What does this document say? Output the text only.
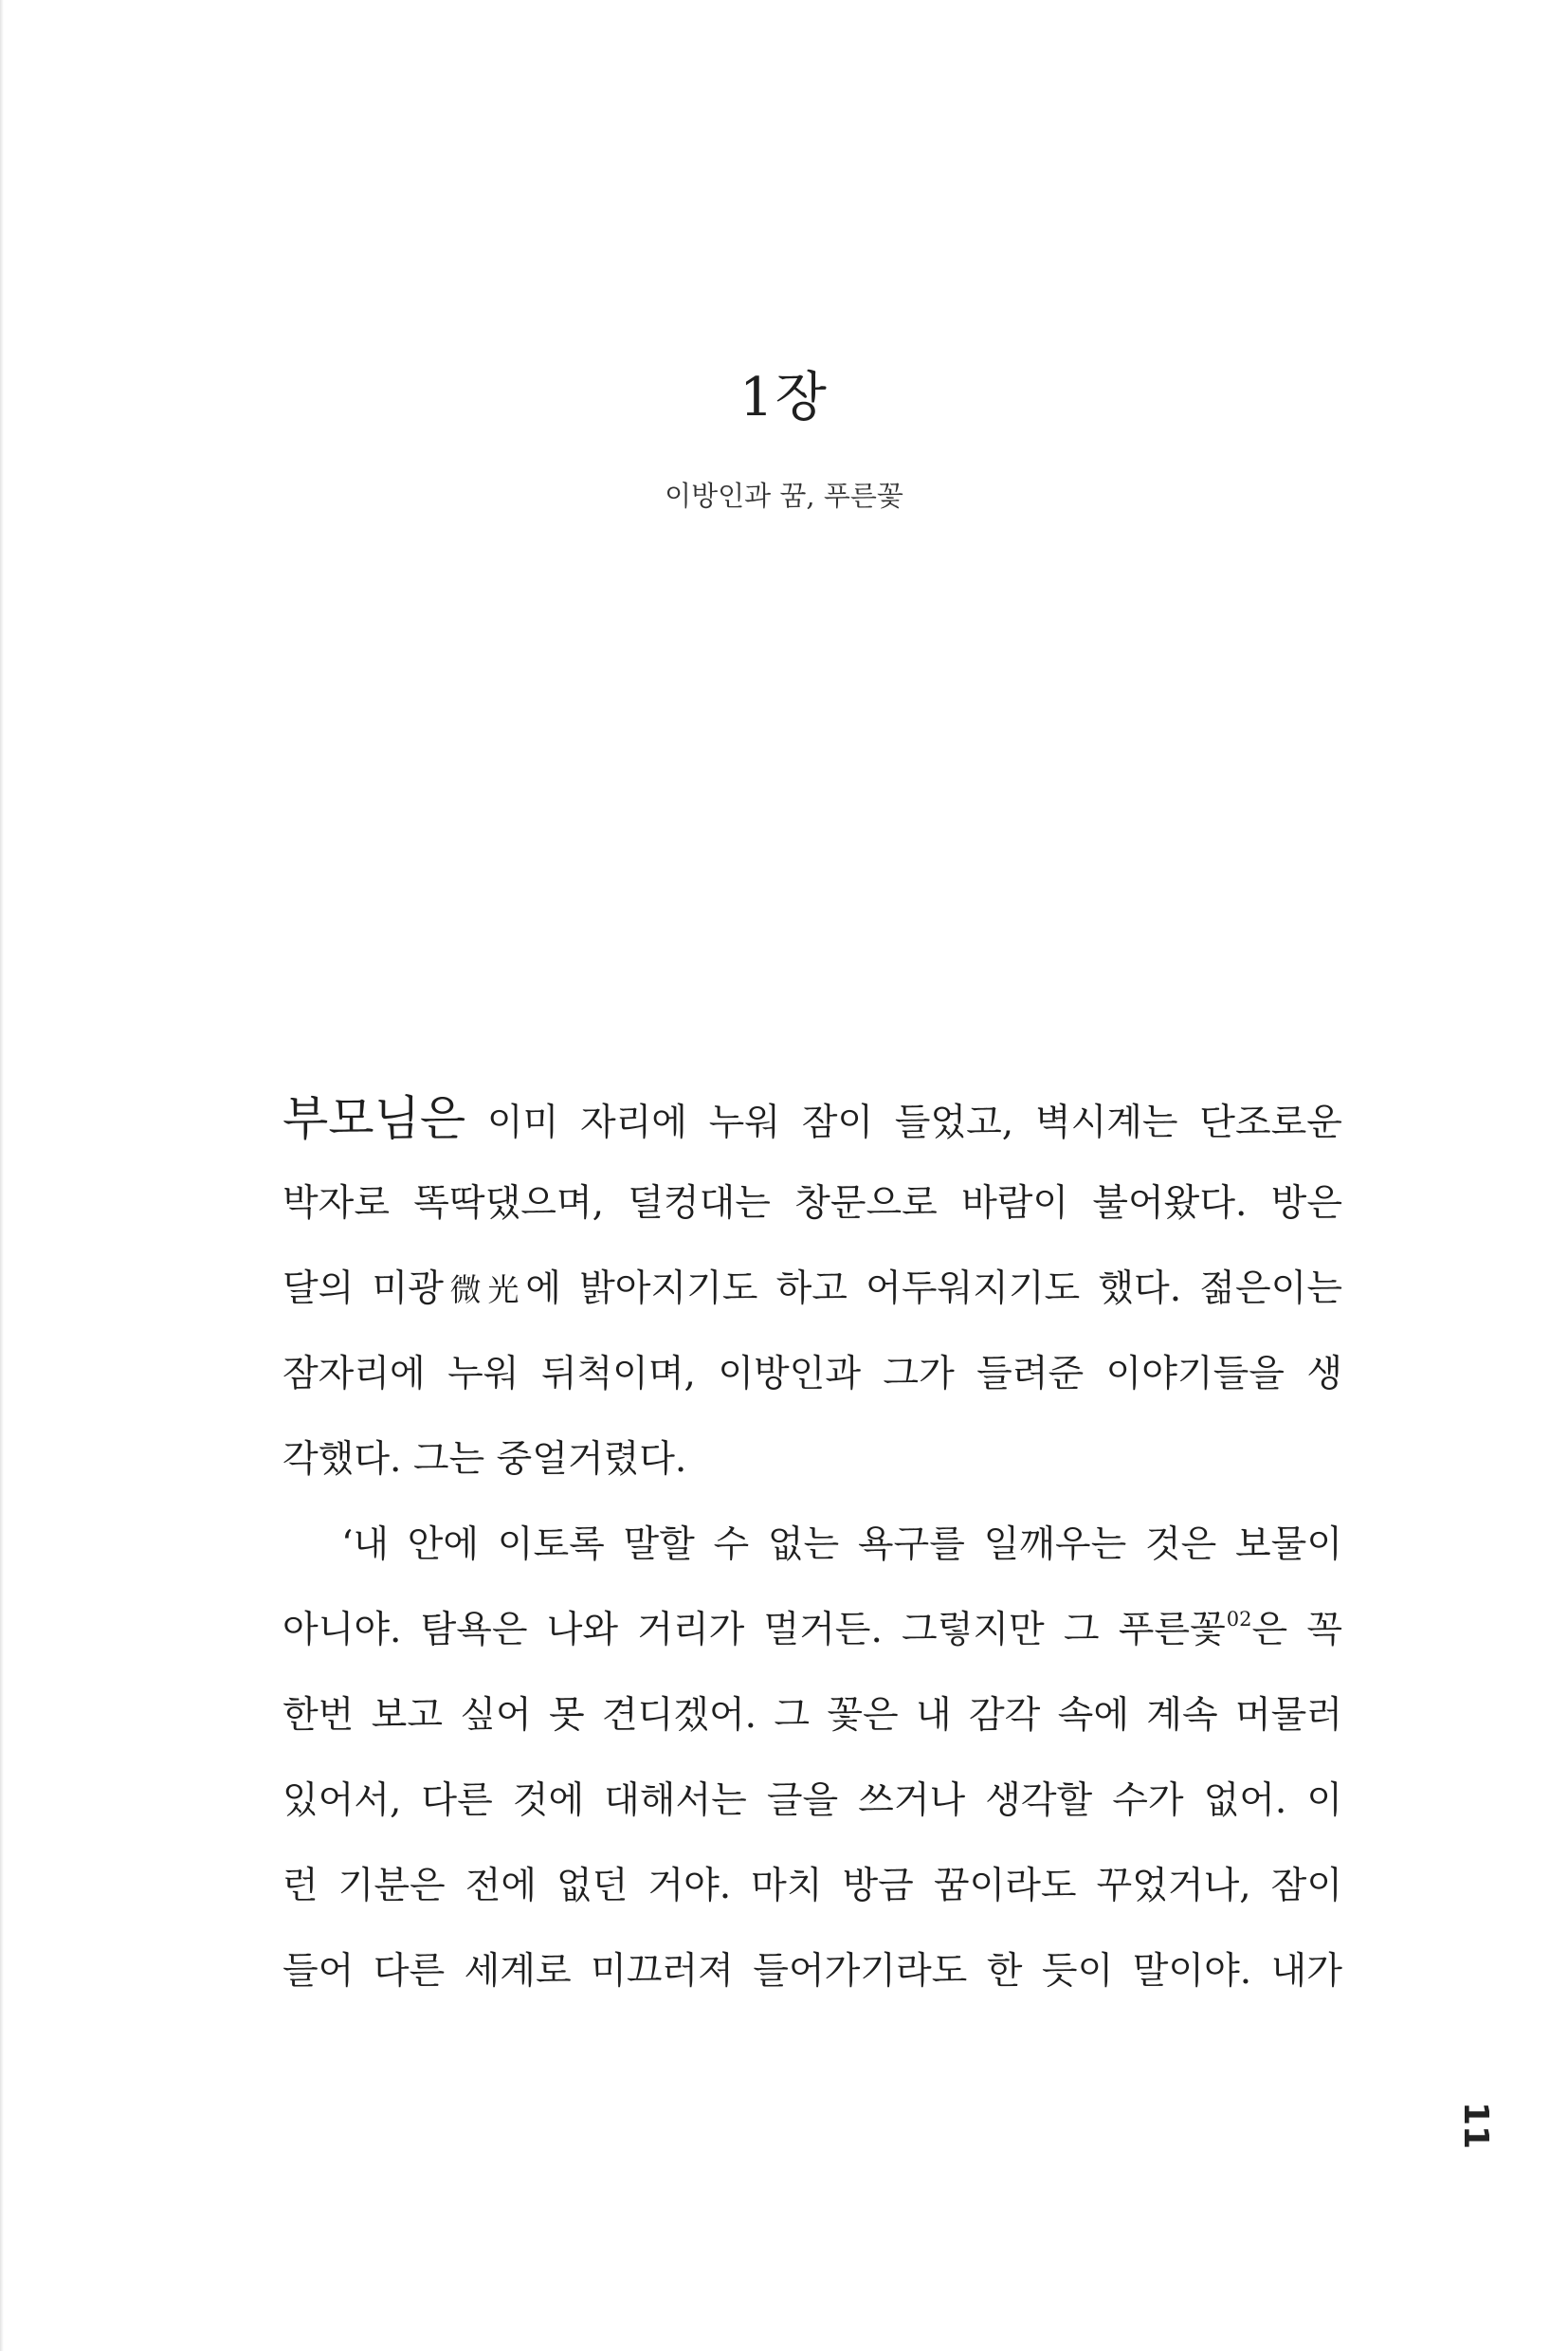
1장
이방인과 꿈, 푸른꽃
부모님은 이미 자리에 누워 잠이 들었고, 벽시계는 단조로운
박자로 똑딱댔으며, 덜컹대는 창문으로 바람이 불어왔다. 방은
달의 미광微光에 밝아지기도 하고 어두워지기도 했다. 젊은이는
잠자리에 누워 뒤척이며, 이방인과 그가 들려준 이야기들을 생
각했다. 그는 중얼거렸다.
‘내 안에 이토록 말할 수 없는 욕구를 일깨우는 것은 보물이
아니야. 탐욕은 나와 거리가 멀거든. 그렇지만 그 푸른꽃$^{02}$은 꼭
한번 보고 싶어 못 견디겠어. 그 꽃은 내 감각 속에 계속 머물러
있어서, 다른 것에 대해서는 글을 쓰거나 생각할 수가 없어. 이
런 기분은 전에 없던 거야. 마치 방금 꿈이라도 꾸었거나, 잠이
들어 다른 세계로 미끄러져 들어가기라도 한 듯이 말이야. 내가
11
